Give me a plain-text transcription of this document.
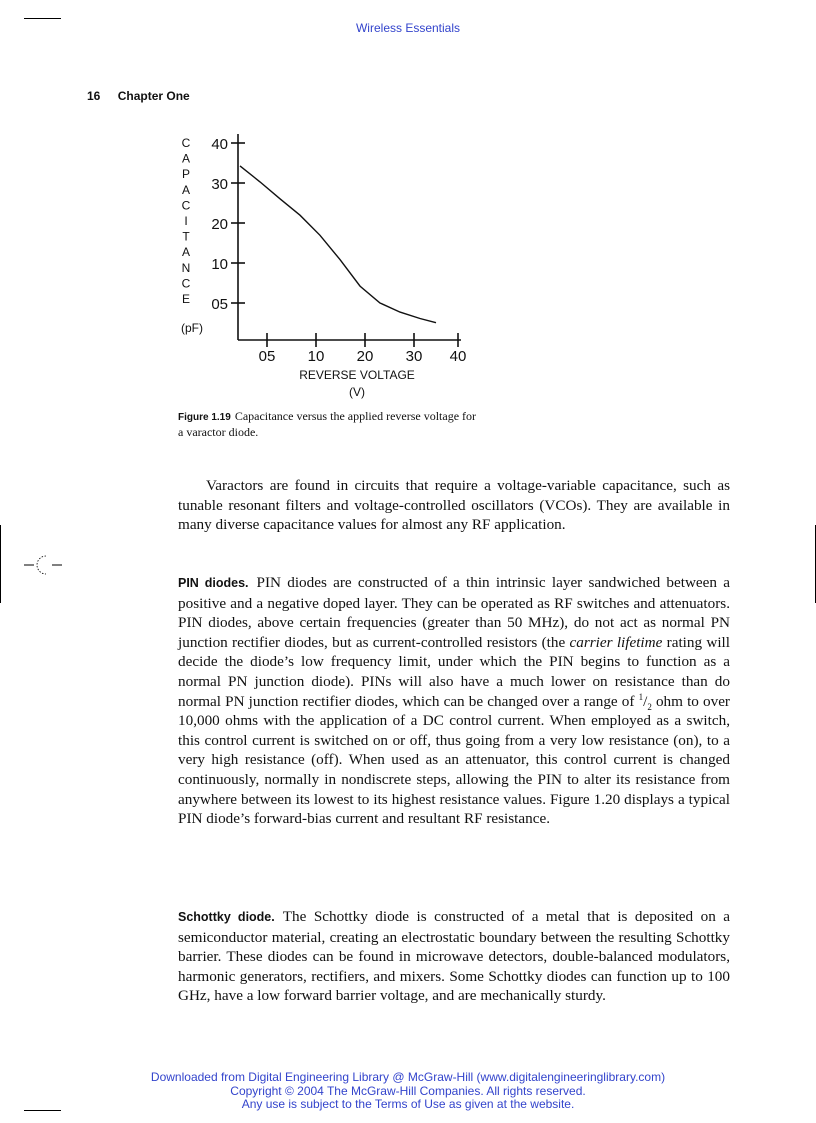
Wireless Essentials
16 Chapter One
C
A
P
A
C
I
T
A
N
C
E
(pF)
40
30
20
10
05
05 10 20 30 40
REVERSE VOLTAGE
(V)
Figure 1.19 Capacitance versus the applied reverse voltage for a varactor diode.
Varactors are found in circuits that require a voltage-variable capacitance, such as tunable resonant filters and voltage-controlled oscillators (VCOs). They are available in many diverse capacitance values for almost any RF application.
PIN diodes. PIN diodes are constructed of a thin intrinsic layer sandwiched between a positive and a negative doped layer. They can be operated as RF switches and attenuators. PIN diodes, above certain frequencies (greater than 50 MHz), do not act as normal PN junction rectifier diodes, but as current-controlled resistors (the carrier lifetime rating will decide the diode’s low frequency limit, under which the PIN begins to function as a normal PN junction diode). PINs will also have a much lower on resistance than do normal PN junction rectifier diodes, which can be changed over a range of $^1/_2$ ohm to over 10,000 ohms with the application of a DC control current. When employed as a switch, this control current is switched on or off, thus going from a very low resistance (on), to a very high resistance (off). When used as an attenuator, this control current is changed continuously, normally in nondiscrete steps, allowing the PIN to alter its resistance from anywhere between its lowest to its highest resistance values. Figure 1.20 displays a typical PIN diode’s forward-bias current and resultant RF resistance.
Schottky diode. The Schottky diode is constructed of a metal that is deposited on a semiconductor material, creating an electrostatic boundary between the resulting Schottky barrier. These diodes can be found in microwave detectors, double-balanced modulators, harmonic generators, rectifiers, and mixers. Some Schottky diodes can function up to 100 GHz, have a low forward barrier voltage, and are mechanically sturdy.
Downloaded from Digital Engineering Library @ McGraw-Hill (www.digitalengineeringlibrary.com)
Copyright © 2004 The McGraw-Hill Companies. All rights reserved.
Any use is subject to the Terms of Use as given at the website.
